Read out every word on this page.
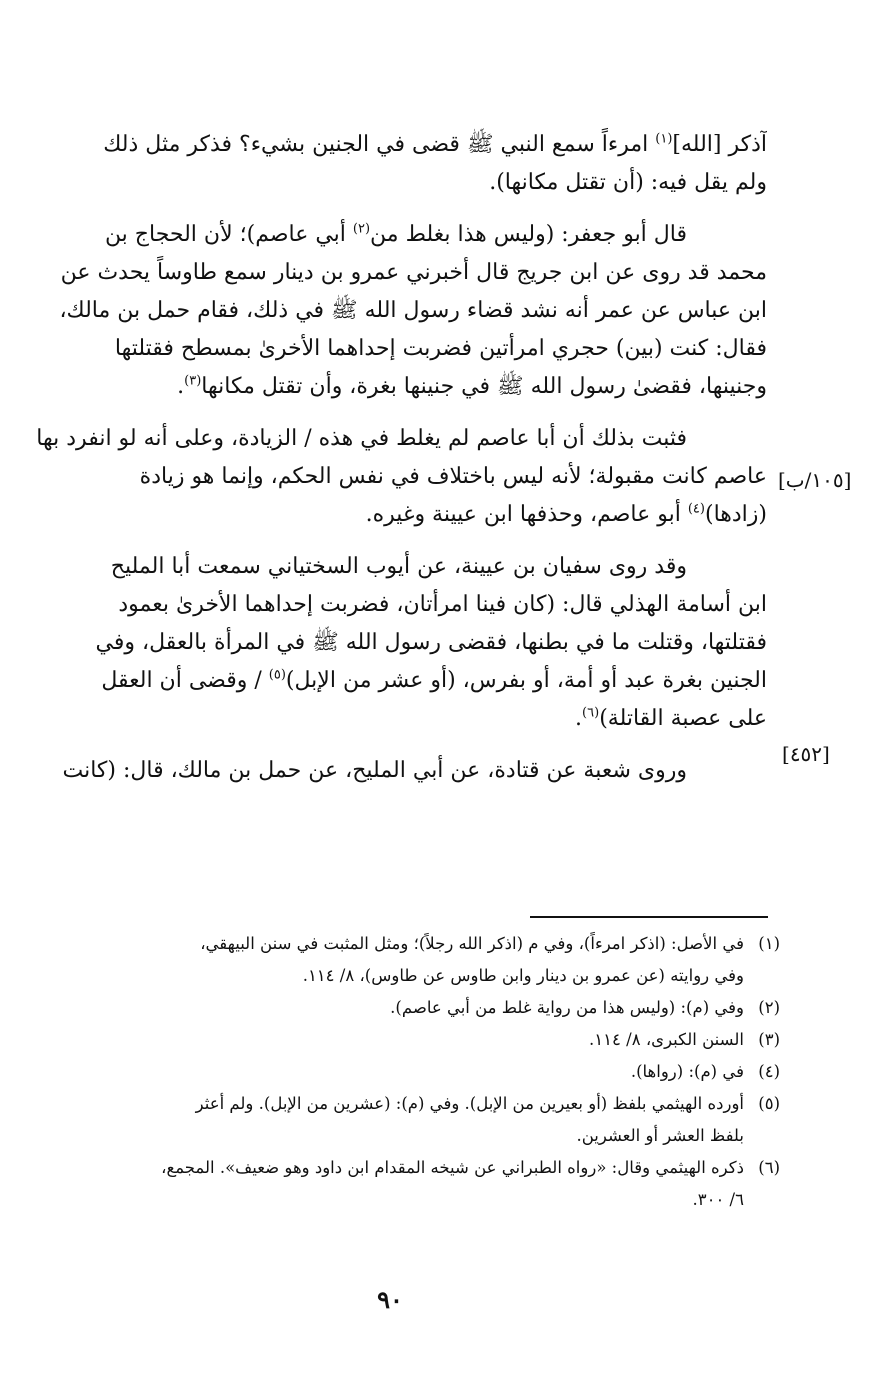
آذكر [الله]$^{(١)}$ امرءاً سمع النبي ﷺ قضى في الجنين بشيء؟ فذكر مثل ذلك
ولم يقل فيه: (أن تقتل مكانها).
قال أبو جعفر: (وليس هذا بغلط من$^{(٢)}$ أبي عاصم)؛ لأن الحجاج بن
محمد قد روى عن ابن جريج قال أخبرني عمرو بن دينار سمع طاوساً يحدث عن
ابن عباس عن عمر أنه نشد قضاء رسول الله ﷺ في ذلك، فقام حمل بن مالك،
فقال: كنت (بين) حجري امرأتين فضربت إحداهما الأخرىٰ بمسطح فقتلتها
وجنينها، فقضىٰ رسول الله ﷺ في جنينها بغرة، وأن تقتل مكانها$^{(٣)}$.
فثبت بذلك أن أبا عاصم لم يغلط في هذه / الزيادة، وعلى أنه لو انفرد بها
عاصم كانت مقبولة؛ لأنه ليس باختلاف في نفس الحكم، وإنما هو زيادة
(زادها)$^{(٤)}$ أبو عاصم، وحذفها ابن عيينة وغيره.
وقد روى سفيان بن عيينة، عن أيوب السختياني سمعت أبا المليح
ابن أسامة الهذلي قال: (كان فينا امرأتان، فضربت إحداهما الأخرىٰ بعمود
فقتلتها، وقتلت ما في بطنها، فقضى رسول الله ﷺ في المرأة بالعقل، وفي
الجنين بغرة عبد أو أمة، أو بفرس، (أو عشر من الإبل)$^{(٥)}$ / وقضى أن العقل
على عصبة القاتلة)$^{(٦)}$.
وروى شعبة عن قتادة، عن أبي المليح، عن حمل بن مالك، قال: (كانت
[١٠٥/ب]
[٤٥٢]
(١)في الأصل: (اذكر امرءاً)، وفي م (اذكر الله رجلاً)؛ ومثل المثبت في سنن البيهقي،
وفي روايته (عن عمرو بن دينار وابن طاوس عن طاوس)، ٨/ ١١٤.
(٢)وفي (م): (وليس هذا من رواية غلط من أبي عاصم).
(٣)السنن الكبرى، ٨/ ١١٤.
(٤)في (م): (رواها).
(٥)أورده الهيثمي بلفظ (أو بعيرين من الإبل). وفي (م): (عشرين من الإبل). ولم أعثر
بلفظ العشر أو العشرين.
(٦)ذكره الهيثمي وقال: «رواه الطبراني عن شيخه المقدام ابن داود وهو ضعيف». المجمع،
٦/ ٣٠٠.
٩٠
